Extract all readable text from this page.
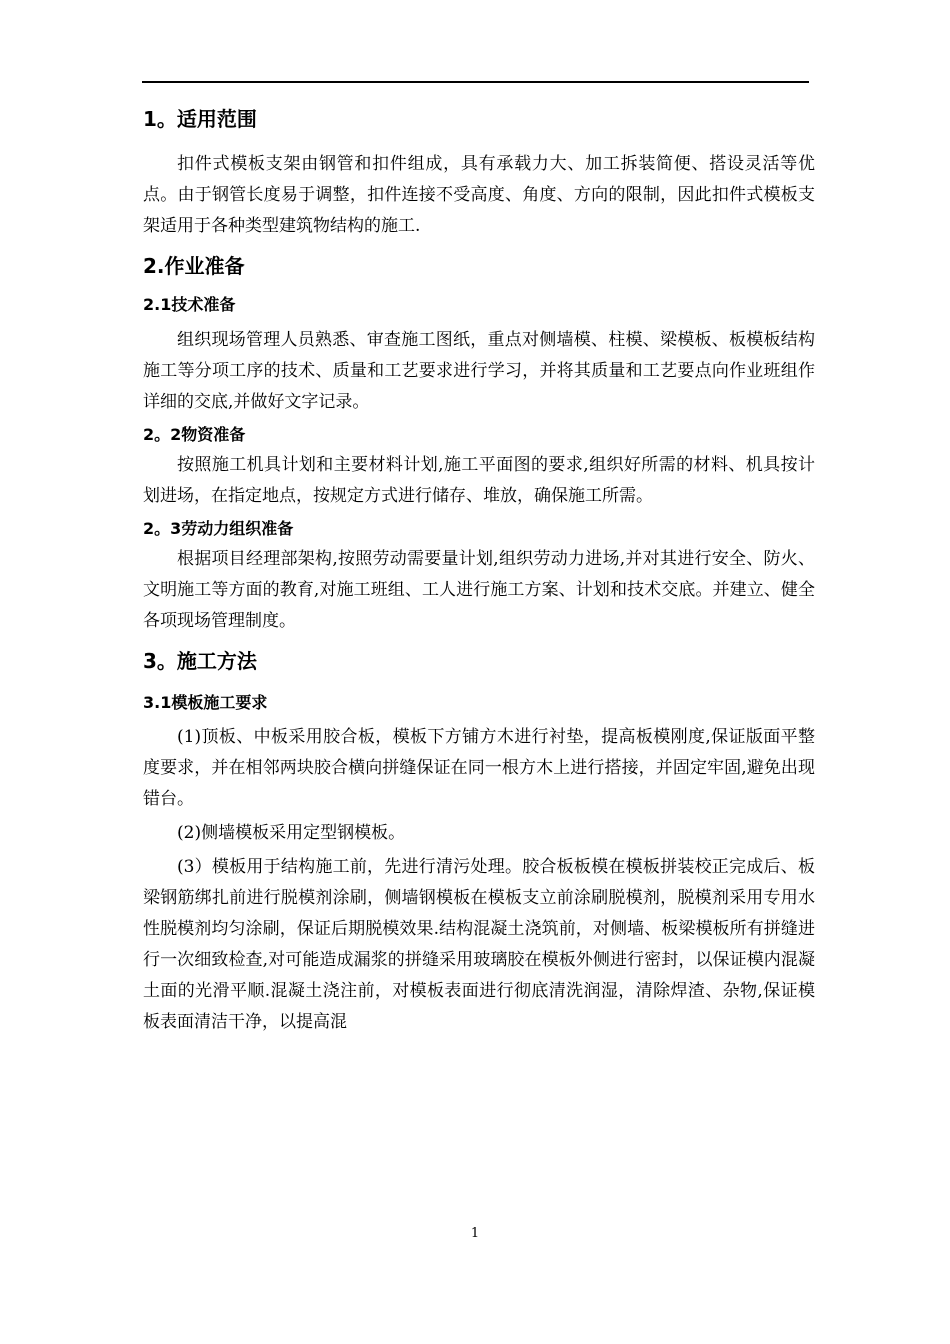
1。适用范围

扣件式模板支架由钢管和扣件组成，具有承载力大、加工拆装简便、搭设灵活等优点。由于钢管长度易于调整，扣件连接不受高度、角度、方向的限制，因此扣件式模板支架适用于各种类型建筑物结构的施工.

2.作业准备
2.1技术准备

组织现场管理人员熟悉、审查施工图纸，重点对侧墙模、柱模、梁模板、板模板结构施工等分项工序的技术、质量和工艺要求进行学习，并将其质量和工艺要点向作业班组作详细的交底,并做好文字记录。

2。2物资准备

按照施工机具计划和主要材料计划,施工平面图的要求,组织好所需的材料、机具按计划进场，在指定地点，按规定方式进行储存、堆放，确保施工所需。

2。3劳动力组织准备

根据项目经理部架构,按照劳动需要量计划,组织劳动力进场,并对其进行安全、防火、文明施工等方面的教育,对施工班组、工人进行施工方案、计划和技术交底。并建立、健全各项现场管理制度。

3。施工方法
3.1模板施工要求

(1)顶板、中板采用胶合板，模板下方铺方木进行衬垫，提高板模刚度,保证版面平整度要求，并在相邻两块胶合横向拼缝保证在同一根方木上进行搭接，并固定牢固,避免出现错台。

(2)侧墙模板采用定型钢模板。

(3）模板用于结构施工前，先进行清污处理。胶合板板模在模板拼装校正完成后、板梁钢筋绑扎前进行脱模剂涂刷，侧墙钢模板在模板支立前涂刷脱模剂，脱模剂采用专用水性脱模剂均匀涂刷，保证后期脱模效果.结构混凝土浇筑前，对侧墙、板梁模板所有拼缝进行一次细致检查,对可能造成漏浆的拼缝采用玻璃胶在模板外侧进行密封，以保证模内混凝土面的光滑平顺.混凝土浇注前，对模板表面进行彻底清洗润湿，清除焊渣、杂物,保证模板表面清洁干净，以提高混

1
